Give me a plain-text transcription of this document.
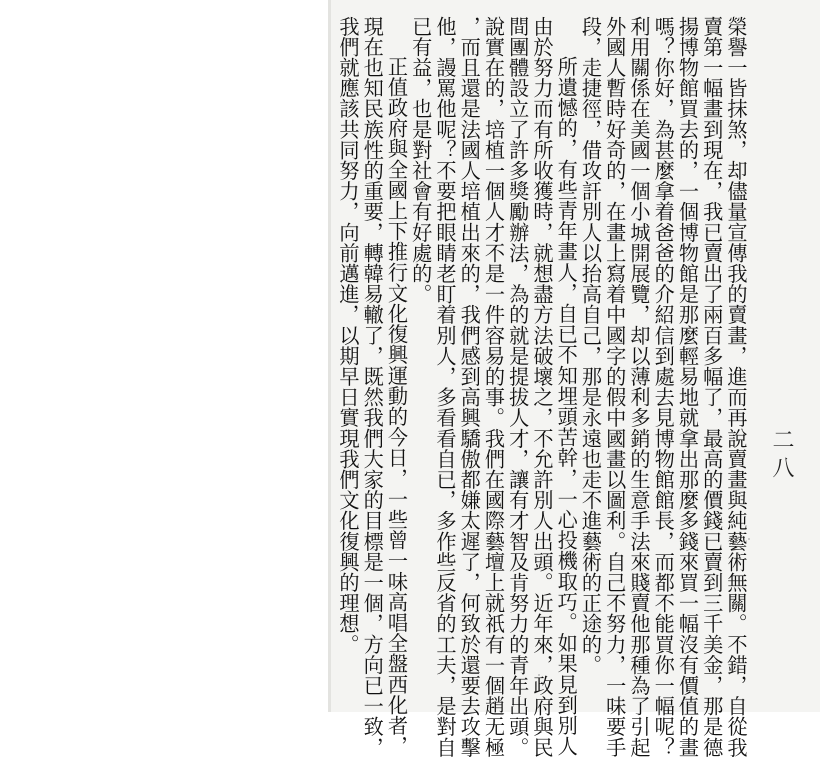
二八
榮譽一皆抹煞，却儘量宣傳我的賣畫，進而再說賣畫與純藝術無關。不錯，自從我
賣第一幅畫到現在，我已賣出了兩百多幅了，最高的價錢已賣到三千美金，那是德
揚博物館買去的，一個博物館是那麼輕易地就拿出那麼多錢來買一幅沒有價值的畫
嗎？你好，為甚麼拿着爸爸的介紹信到處去見博物館館長，而都不能買你一幅呢？
利用關係在美國一個小城開展覽，却以薄利多銷的生意手法來賤賣他那種為了引起
外國人暫時好奇的，在畫上寫着中國字的假中國畫以圖利。自己不努力，一味要手
段，走捷徑，借攻訐別人以抬高自己，那是永遠也走不進藝術的正途的。
所遺憾的，有些青年畫人，自已不知埋頭苦幹，一心投機取巧。如果見到別人
由於努力而有所收獲時，就想盡方法破壞之，不允許別人出頭。近年來，政府與民
間團體設立了許多獎勵辦法，為的就是提拔人才，讓有才智及肯努力的青年出頭。
說實在的，培植一個人才不是一件容易的事。我們在國際藝壇上就祇有一個趙无極
，而且還是法國人培植出來的，我們感到高興驕傲都嫌太遲了，何致於還要去攻擊
他，謾罵他呢？不要把眼睛老盯着別人，多看看自已，多作些反省的工夫，是對自
已有益，也是對社會有好處的。
正值政府與全國上下推行文化復興運動的今日，一些曾一味高唱全盤西化者，
現在也知民族性的重要，轉韓易轍了，既然我們大家的目標是一個，方向已一致，
我們就應該共同努力，向前邁進，以期早日實現我們文化復興的理想。
